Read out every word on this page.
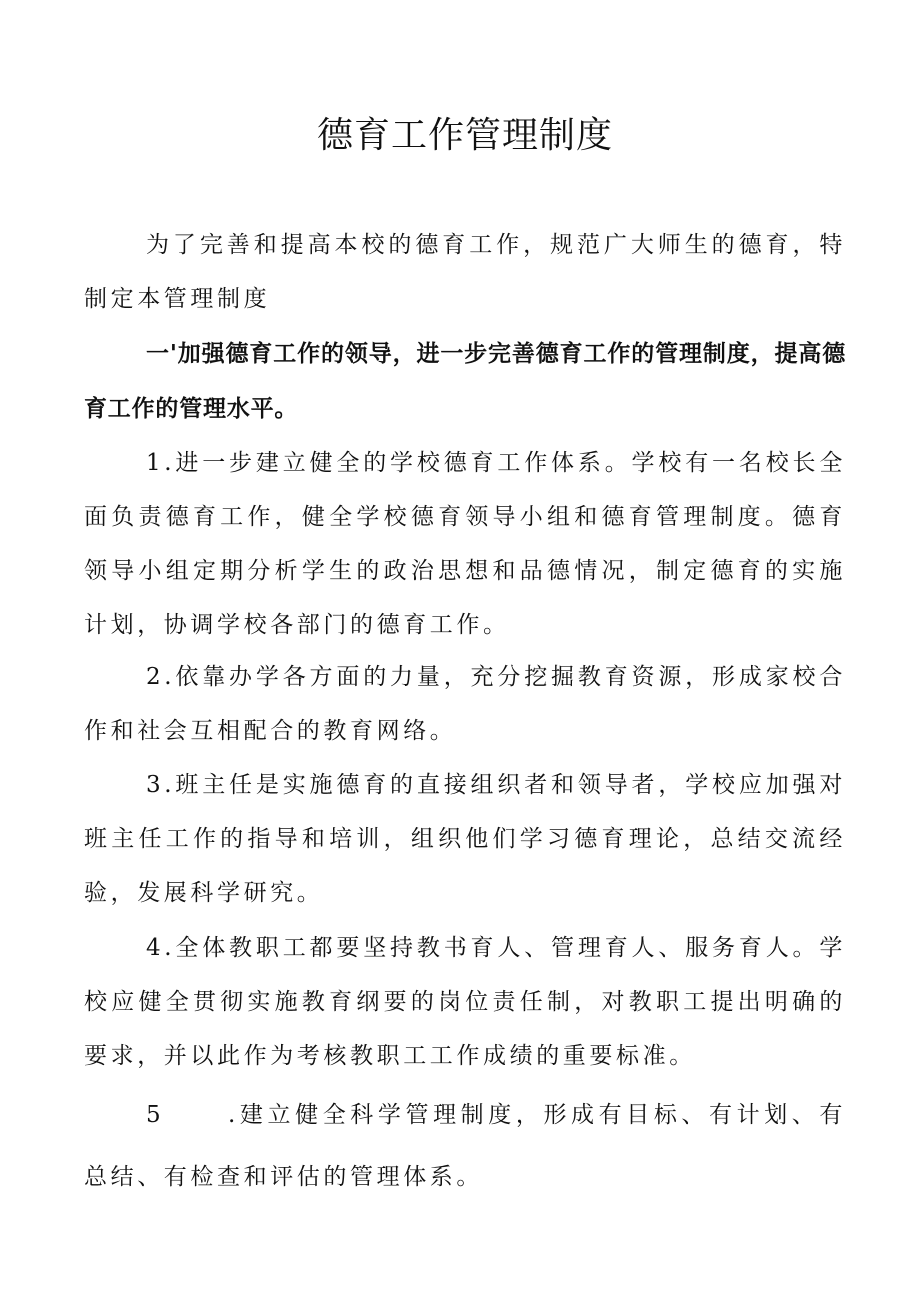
德育工作管理制度

为了完善和提高本校的德育工作，规范广大师生的德育，特制定本管理制度

一'加强德育工作的领导，进一步完善德育工作的管理制度，提高德育工作的管理水平。

1.进一步建立健全的学校德育工作体系。学校有一名校长全面负责德育工作，健全学校德育领导小组和德育管理制度。德育领导小组定期分析学生的政治思想和品德情况，制定德育的实施计划，协调学校各部门的德育工作。

2.依靠办学各方面的力量，充分挖掘教育资源，形成家校合作和社会互相配合的教育网络。

3.班主任是实施德育的直接组织者和领导者，学校应加强对班主任工作的指导和培训，组织他们学习德育理论，总结交流经验，发展科学研究。

4.全体教职工都要坚持教书育人、管理育人、服务育人。学校应健全贯彻实施教育纲要的岗位责任制，对教职工提出明确的要求，并以此作为考核教职工工作成绩的重要标准。

5	.建立健全科学管理制度，形成有目标、有计划、有总结、有检查和评估的管理体系。
